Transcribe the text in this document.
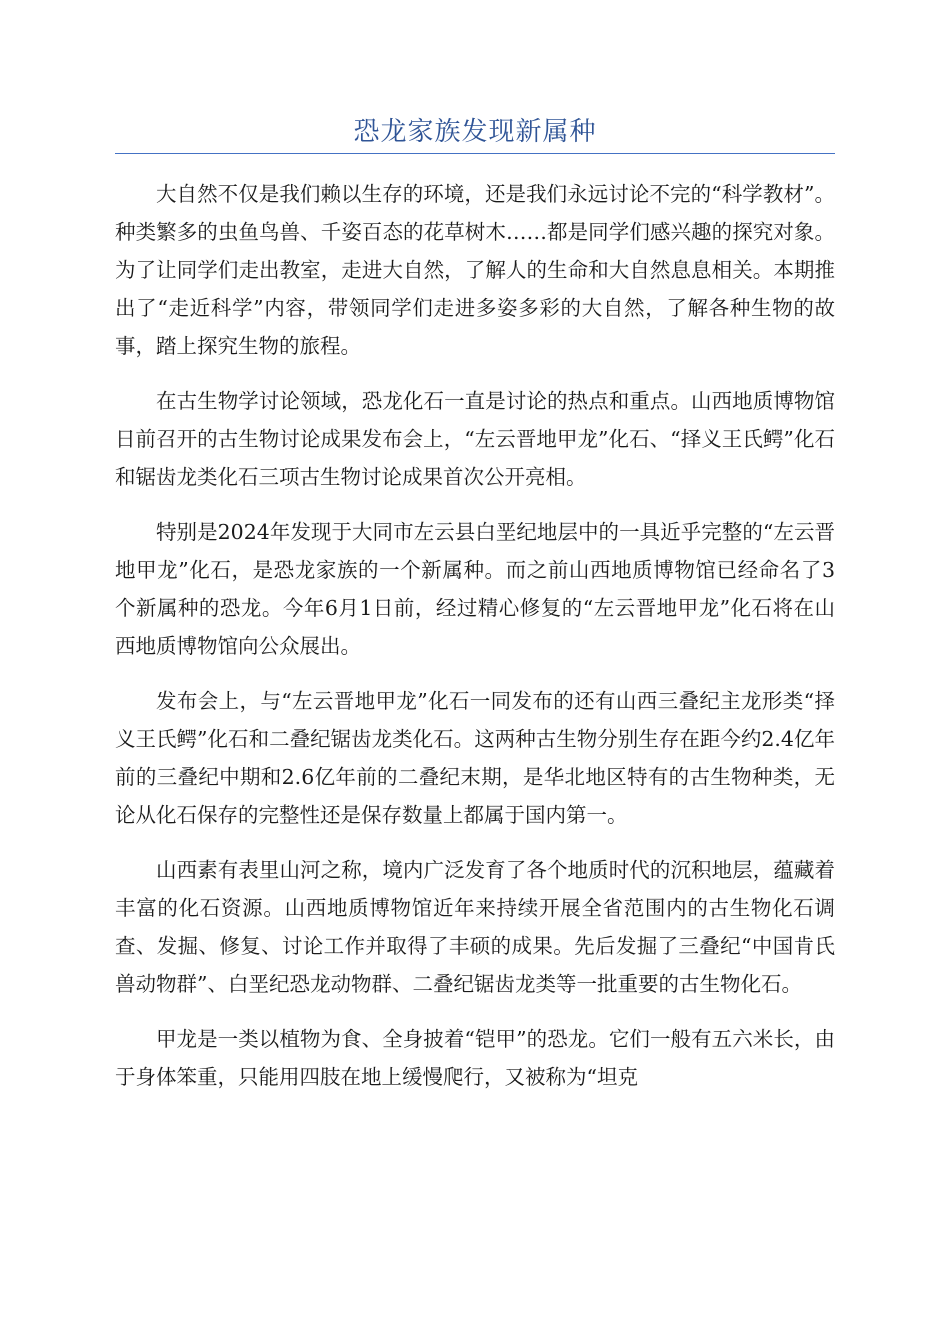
恐龙家族发现新属种

大自然不仅是我们赖以生存的环境，还是我们永远讨论不完的“科学教材”。种类繁多的虫鱼鸟兽、千姿百态的花草树木……都是同学们感兴趣的探究对象。为了让同学们走出教室，走进大自然，了解人的生命和大自然息息相关。本期推出了“走近科学”内容，带领同学们走进多姿多彩的大自然，了解各种生物的故事，踏上探究生物的旅程。

在古生物学讨论领域，恐龙化石一直是讨论的热点和重点。山西地质博物馆日前召开的古生物讨论成果发布会上，“左云晋地甲龙”化石、“择义王氏鳄”化石和锯齿龙类化石三项古生物讨论成果首次公开亮相。

特别是2024年发现于大同市左云县白垩纪地层中的一具近乎完整的“左云晋地甲龙”化石，是恐龙家族的一个新属种。而之前山西地质博物馆已经命名了3个新属种的恐龙。今年6月1日前，经过精心修复的“左云晋地甲龙”化石将在山西地质博物馆向公众展出。

发布会上，与“左云晋地甲龙”化石一同发布的还有山西三叠纪主龙形类“择义王氏鳄”化石和二叠纪锯齿龙类化石。这两种古生物分别生存在距今约2.4亿年前的三叠纪中期和2.6亿年前的二叠纪末期，是华北地区特有的古生物种类，无论从化石保存的完整性还是保存数量上都属于国内第一。

山西素有表里山河之称，境内广泛发育了各个地质时代的沉积地层，蕴藏着丰富的化石资源。山西地质博物馆近年来持续开展全省范围内的古生物化石调查、发掘、修复、讨论工作并取得了丰硕的成果。先后发掘了三叠纪“中国肯氏兽动物群”、白垩纪恐龙动物群、二叠纪锯齿龙类等一批重要的古生物化石。

甲龙是一类以植物为食、全身披着“铠甲”的恐龙。它们一般有五六米长，由于身体笨重，只能用四肢在地上缓慢爬行，又被称为“坦克
